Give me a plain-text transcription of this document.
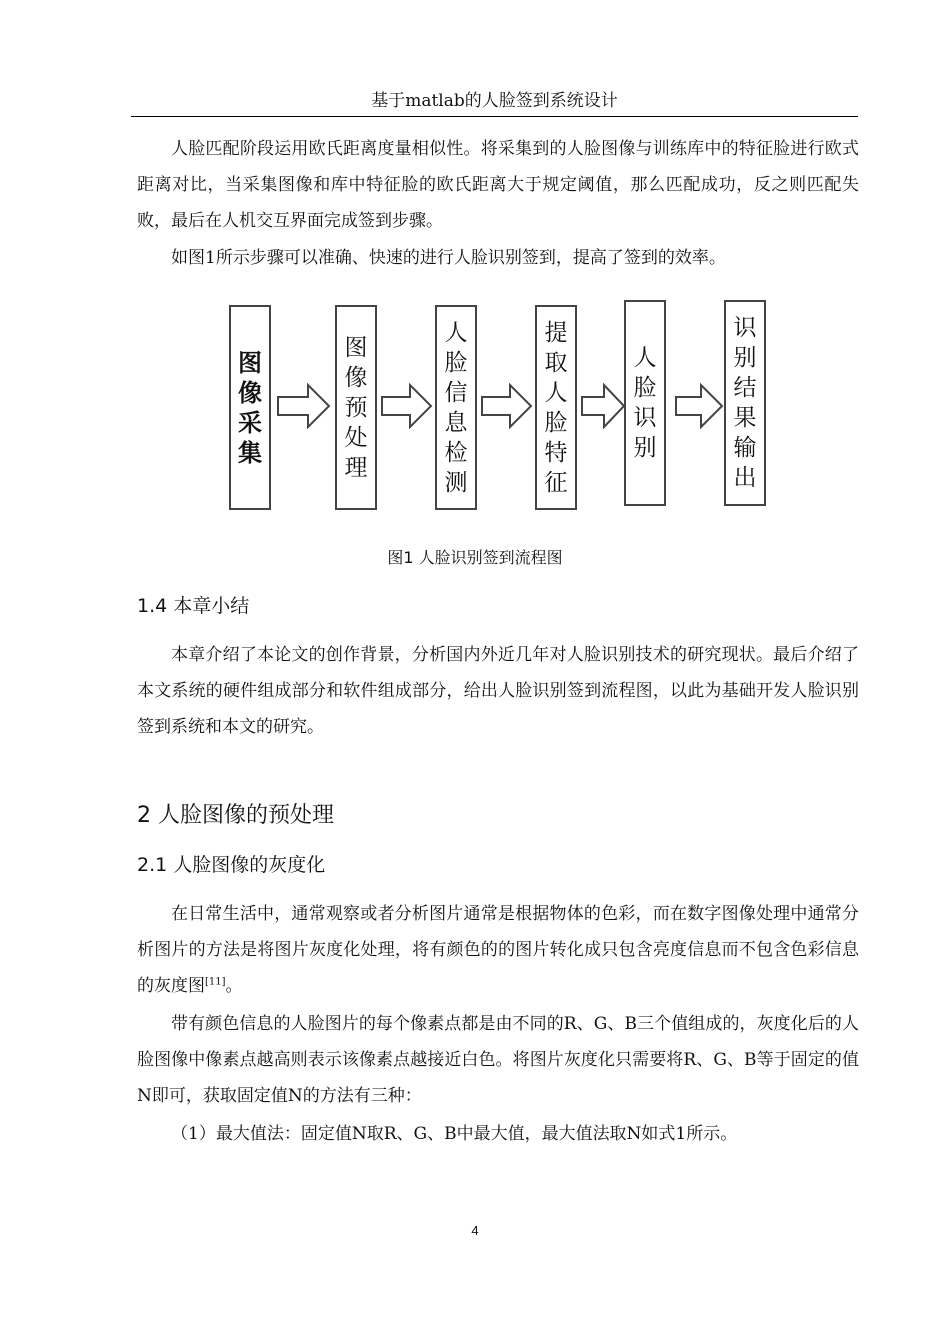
基于matlab的人脸签到系统设计

人脸匹配阶段运用欧氏距离度量相似性。将采集到的人脸图像与训练库中的特征脸进行欧式距离对比，当采集图像和库中特征脸的欧氏距离大于规定阈值，那么匹配成功，反之则匹配失败，最后在人机交互界面完成签到步骤。

如图1所示步骤可以准确、快速的进行人脸识别签到，提高了签到的效率。

图
像
采
集
图
像
预
处
理
人
脸
信
息
检
测
提
取
人
脸
特
征
人
脸
识
别
识
别
结
果
输
出
图1 人脸识别签到流程图
1.4 本章小结

本章介绍了本论文的创作背景，分析国内外近几年对人脸识别技术的研究现状。最后介绍了本文系统的硬件组成部分和软件组成部分，给出人脸识别签到流程图，以此为基础开发人脸识别签到系统和本文的研究。

2 人脸图像的预处理
2.1 人脸图像的灰度化

在日常生活中，通常观察或者分析图片通常是根据物体的色彩，而在数字图像处理中通常分析图片的方法是将图片灰度化处理，将有颜色的的图片转化成只包含亮度信息而不包含色彩信息的灰度图[11]。

带有颜色信息的人脸图片的每个像素点都是由不同的R、G、B三个值组成的，灰度化后的人脸图像中像素点越高则表示该像素点越接近白色。将图片灰度化只需要将R、G、B等于固定的值N即可，获取固定值N的方法有三种：

（1）最大值法：固定值N取R、G、B中最大值，最大值法取N如式1所示。

4
